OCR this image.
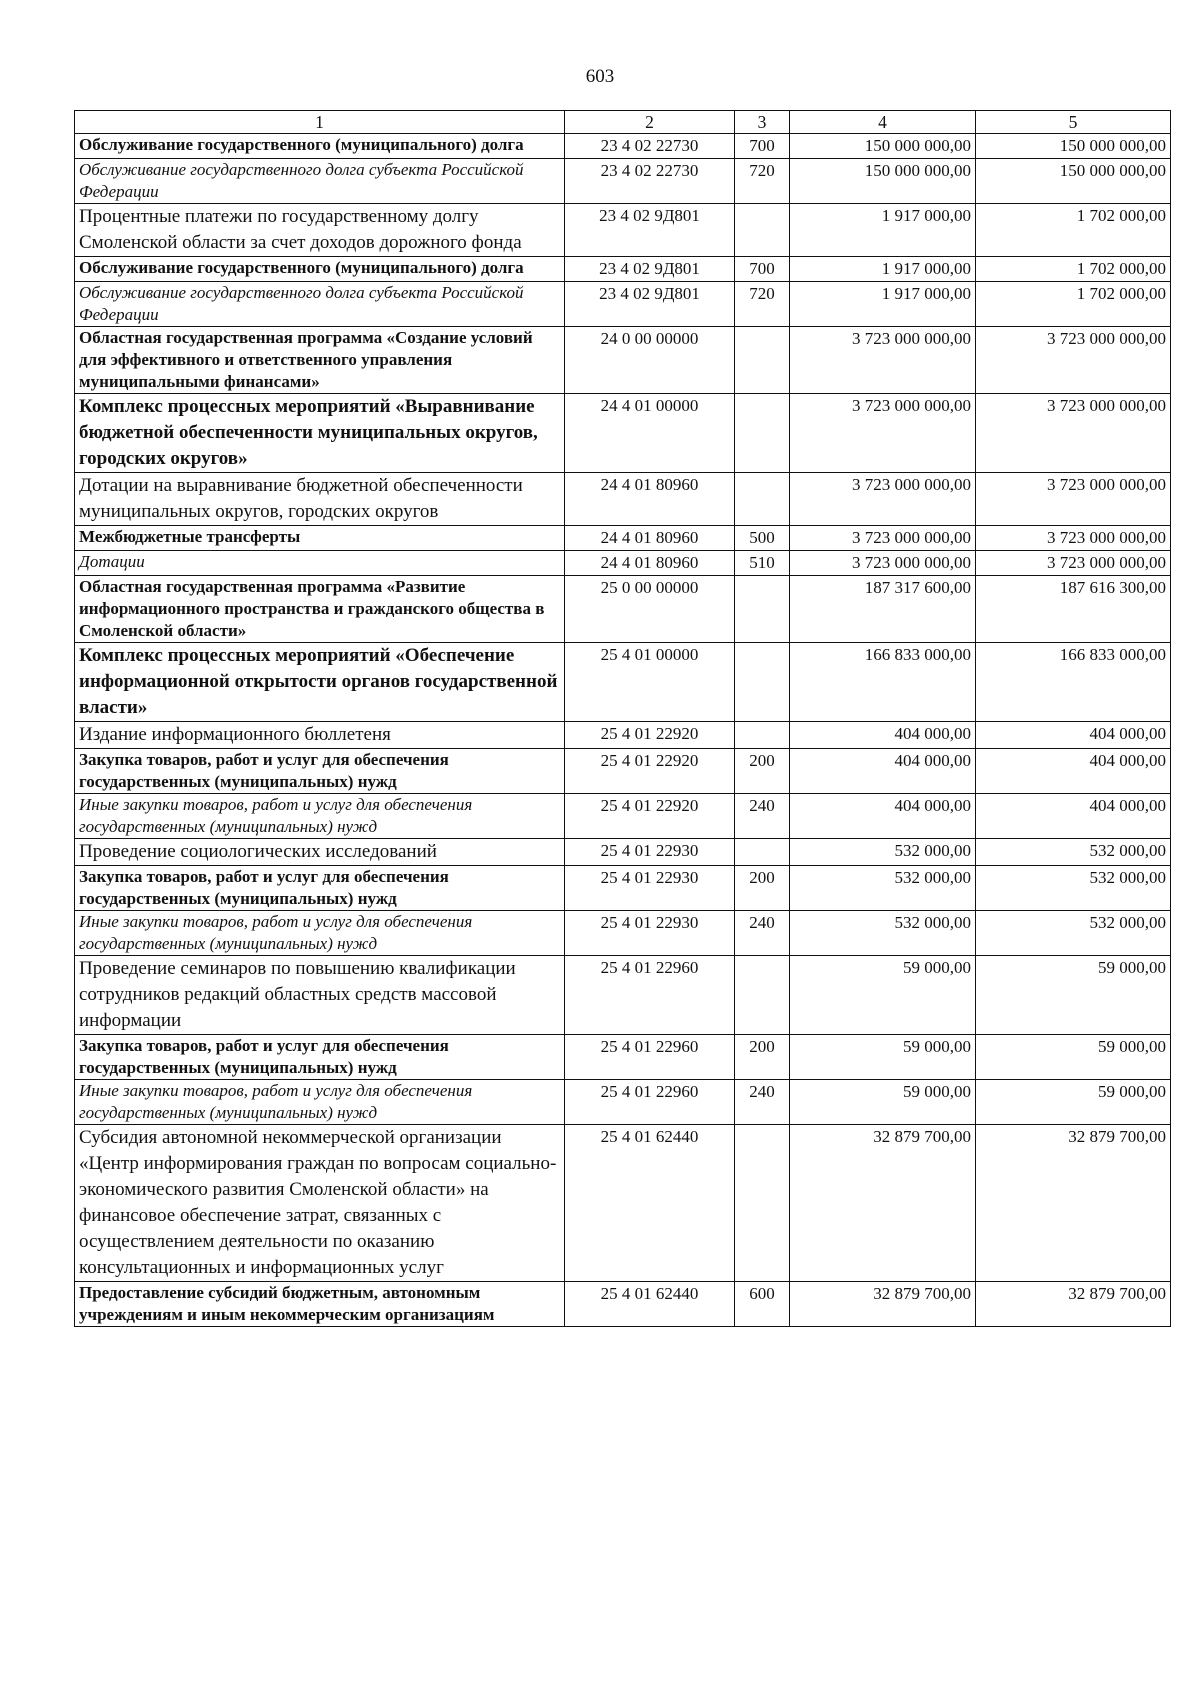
603
1	2	3	4	5
Обслуживание государственного (муниципального) долга	23 4 02 22730	700	150 000 000,00	150 000 000,00
Обслуживание государственного долга субъекта Российской Федерации	23 4 02 22730	720	150 000 000,00	150 000 000,00
Процентные платежи по государственному долгу Смоленской области за счет доходов дорожного фонда	23 4 02 9Д801		1 917 000,00	1 702 000,00
Обслуживание государственного (муниципального) долга	23 4 02 9Д801	700	1 917 000,00	1 702 000,00
Обслуживание государственного долга субъекта Российской Федерации	23 4 02 9Д801	720	1 917 000,00	1 702 000,00
Областная государственная программа «Создание условий для эффективного и ответственного управления муниципальными финансами»	24 0 00 00000		3 723 000 000,00	3 723 000 000,00
Комплекс процессных мероприятий «Выравнивание бюджетной обеспеченности муниципальных округов, городских округов»	24 4 01 00000		3 723 000 000,00	3 723 000 000,00
Дотации на выравнивание бюджетной обеспеченности муниципальных округов, городских округов	24 4 01 80960		3 723 000 000,00	3 723 000 000,00
Межбюджетные трансферты	24 4 01 80960	500	3 723 000 000,00	3 723 000 000,00
Дотации	24 4 01 80960	510	3 723 000 000,00	3 723 000 000,00
Областная государственная программа «Развитие информационного пространства и гражданского общества в Смоленской области»	25 0 00 00000		187 317 600,00	187 616 300,00
Комплекс процессных мероприятий «Обеспечение информационной открытости органов государственной власти»	25 4 01 00000		166 833 000,00	166 833 000,00
Издание информационного бюллетеня	25 4 01 22920		404 000,00	404 000,00
Закупка товаров, работ и услуг для обеспечения государственных (муниципальных) нужд	25 4 01 22920	200	404 000,00	404 000,00
Иные закупки товаров, работ и услуг для обеспечения государственных (муниципальных) нужд	25 4 01 22920	240	404 000,00	404 000,00
Проведение социологических исследований	25 4 01 22930		532 000,00	532 000,00
Закупка товаров, работ и услуг для обеспечения государственных (муниципальных) нужд	25 4 01 22930	200	532 000,00	532 000,00
Иные закупки товаров, работ и услуг для обеспечения государственных (муниципальных) нужд	25 4 01 22930	240	532 000,00	532 000,00
Проведение семинаров по повышению квалификации сотрудников редакций областных средств массовой информации	25 4 01 22960		59 000,00	59 000,00
Закупка товаров, работ и услуг для обеспечения государственных (муниципальных) нужд	25 4 01 22960	200	59 000,00	59 000,00
Иные закупки товаров, работ и услуг для обеспечения государственных (муниципальных) нужд	25 4 01 22960	240	59 000,00	59 000,00
Субсидия автономной некоммерческой организации «Центр информирования граждан по вопросам социально-экономического развития Смоленской области» на финансовое обеспечение затрат, связанных с осуществлением деятельности по оказанию консультационных и информационных услуг	25 4 01 62440		32 879 700,00	32 879 700,00
Предоставление субсидий бюджетным, автономным учреждениям и иным некоммерческим организациям	25 4 01 62440	600	32 879 700,00	32 879 700,00
